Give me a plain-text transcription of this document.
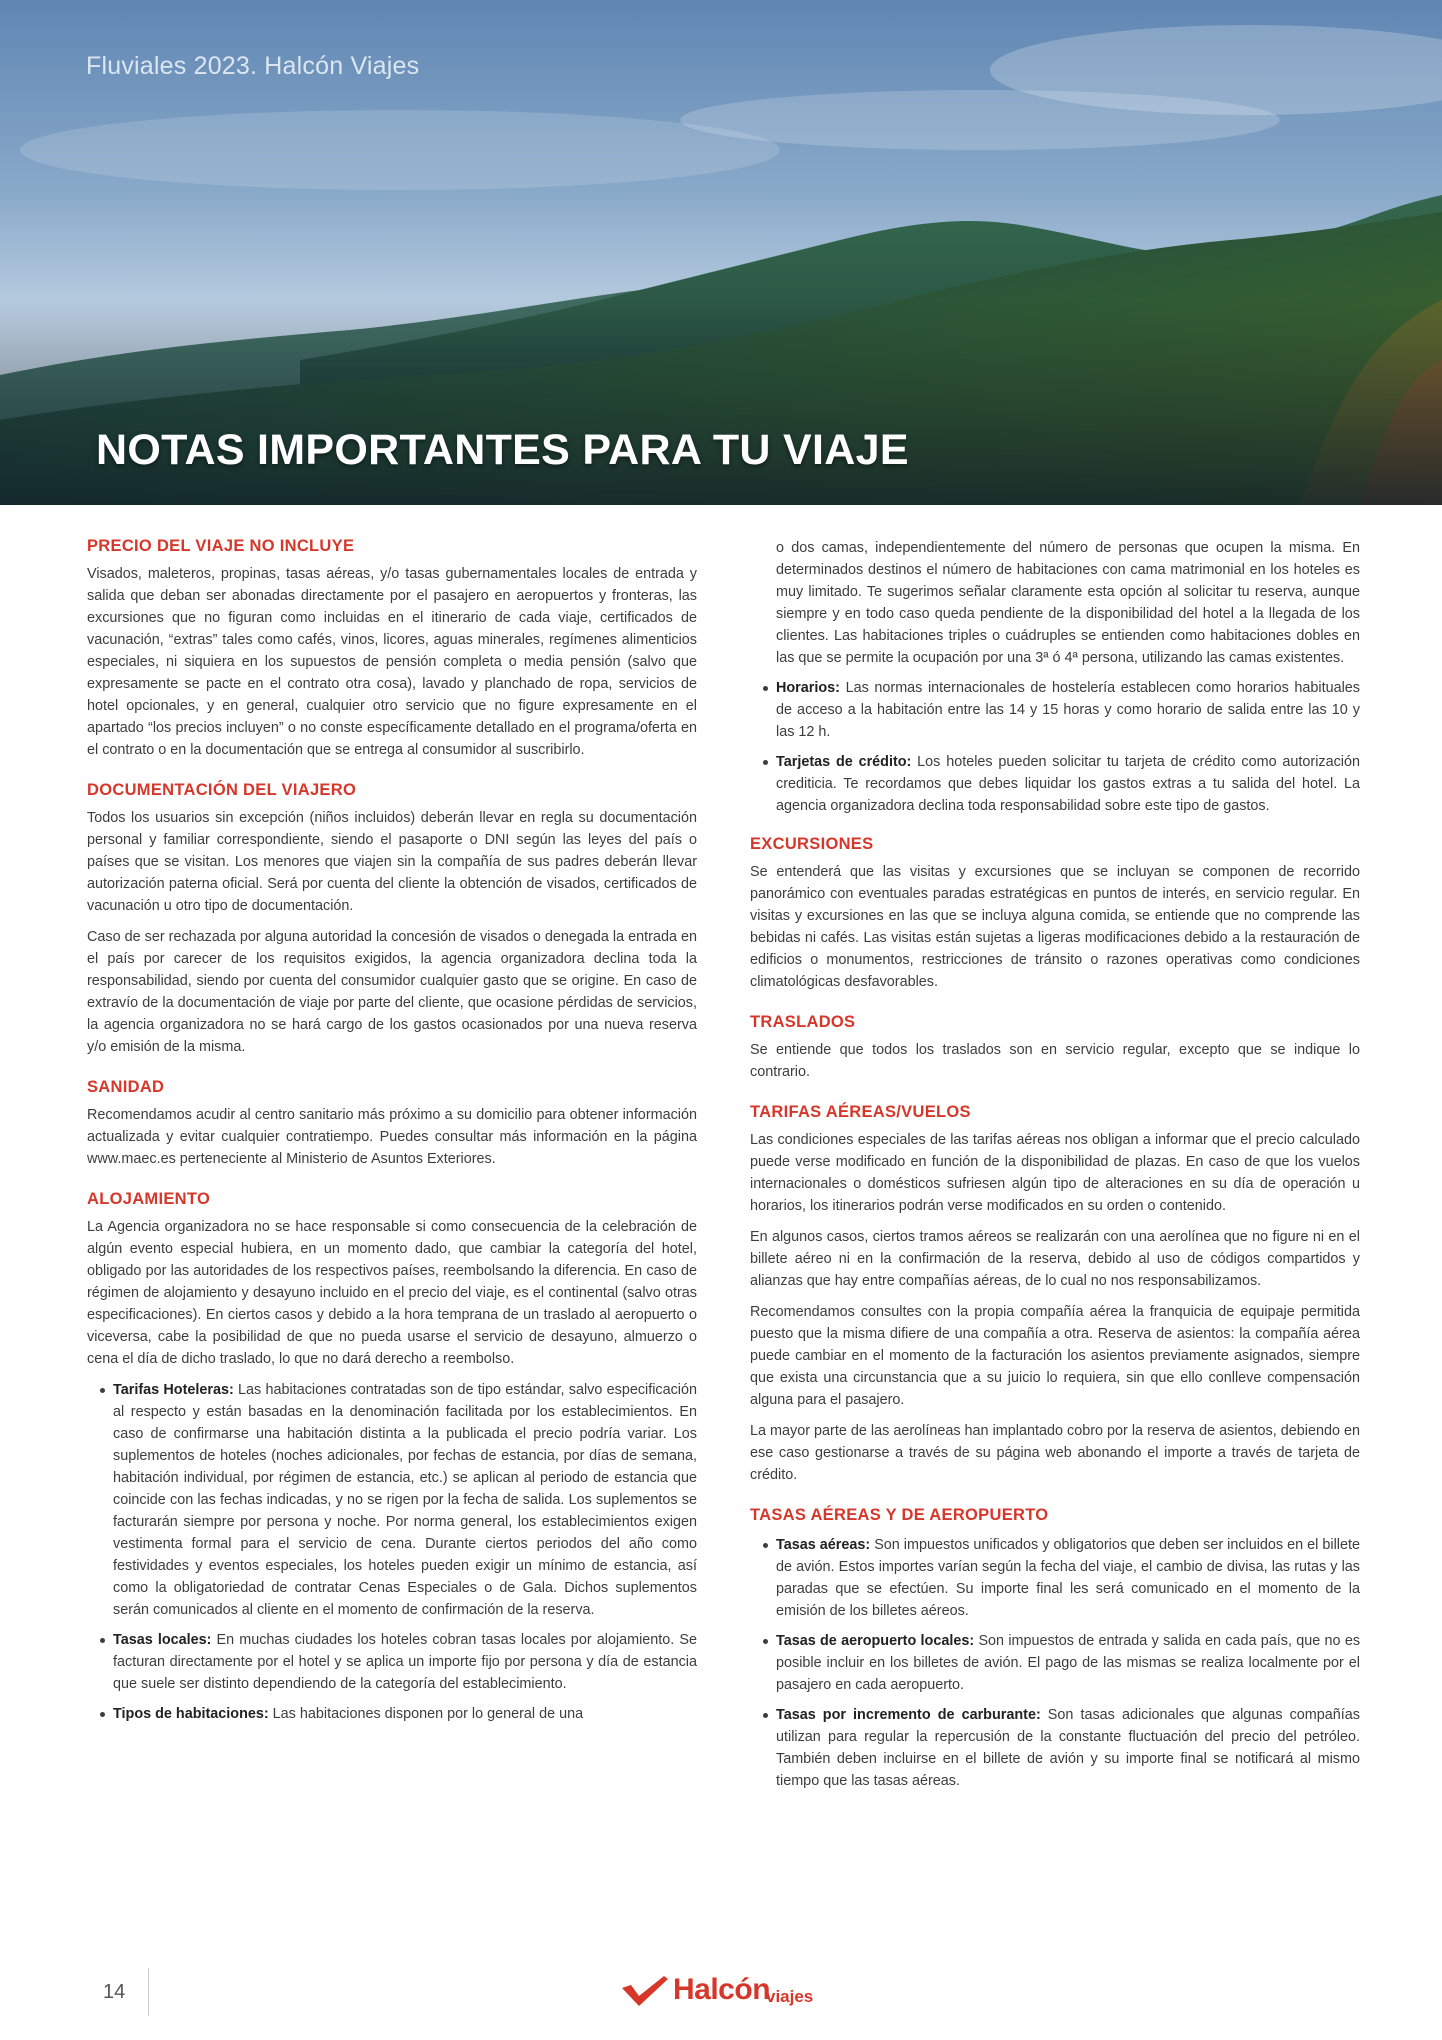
Fluviales 2023. Halcón Viajes
NOTAS IMPORTANTES PARA TU VIAJE
PRECIO DEL VIAJE NO INCLUYE

Visados, maleteros, propinas, tasas aéreas, y/o tasas gubernamentales locales de entrada y salida que deban ser abonadas directamente por el pasajero en aeropuertos y fronteras, las excursiones que no figuran como incluidas en el itinerario de cada viaje, certificados de vacunación, “extras” tales como cafés, vinos, licores, aguas minerales, regímenes alimenticios especiales, ni siquiera en los supuestos de pensión completa o media pensión (salvo que expresamente se pacte en el contrato otra cosa), lavado y planchado de ropa, servicios de hotel opcionales, y en general, cualquier otro servicio que no figure expresamente en el apartado “los precios incluyen” o no conste específicamente detallado en el programa/oferta en el contrato o en la documentación que se entrega al consumidor al suscribirlo.

DOCUMENTACIÓN DEL VIAJERO

Todos los usuarios sin excepción (niños incluidos) deberán llevar en regla su documentación personal y familiar correspondiente, siendo el pasaporte o DNI según las leyes del país o países que se visitan. Los menores que viajen sin la compañía de sus padres deberán llevar autorización paterna oficial. Será por cuenta del cliente la obtención de visados, certificados de vacunación u otro tipo de documentación.

Caso de ser rechazada por alguna autoridad la concesión de visados o denegada la entrada en el país por carecer de los requisitos exigidos, la agencia organizadora declina toda la responsabilidad, siendo por cuenta del consumidor cualquier gasto que se origine. En caso de extravío de la documentación de viaje por parte del cliente, que ocasione pérdidas de servicios, la agencia organizadora no se hará cargo de los gastos ocasionados por una nueva reserva y/o emisión de la misma.

SANIDAD

Recomendamos acudir al centro sanitario más próximo a su domicilio para obtener información actualizada y evitar cualquier contratiempo. Puedes consultar más información en la página www.maec.es perteneciente al Ministerio de Asuntos Exteriores.

ALOJAMIENTO

La Agencia organizadora no se hace responsable si como consecuencia de la celebración de algún evento especial hubiera, en un momento dado, que cambiar la categoría del hotel, obligado por las autoridades de los respectivos países, reembolsando la diferencia. En caso de régimen de alojamiento y desayuno incluido en el precio del viaje, es el continental (salvo otras especificaciones). En ciertos casos y debido a la hora temprana de un traslado al aeropuerto o viceversa, cabe la posibilidad de que no pueda usarse el servicio de desayuno, almuerzo o cena el día de dicho traslado, lo que no dará derecho a reembolso.

Tarifas Hoteleras: Las habitaciones contratadas son de tipo estándar, salvo especificación al respecto y están basadas en la denominación facilitada por los establecimientos. En caso de confirmarse una habitación distinta a la publicada el precio podría variar. Los suplementos de hoteles (noches adicionales, por fechas de estancia, por días de semana, habitación individual, por régimen de estancia, etc.) se aplican al periodo de estancia que coincide con las fechas indicadas, y no se rigen por la fecha de salida. Los suplementos se facturarán siempre por persona y noche. Por norma general, los establecimientos exigen vestimenta formal para el servicio de cena. Durante ciertos periodos del año como festividades y eventos especiales, los hoteles pueden exigir un mínimo de estancia, así como la obligatoriedad de contratar Cenas Especiales o de Gala. Dichos suplementos serán comunicados al cliente en el momento de confirmación de la reserva.
Tasas locales: En muchas ciudades los hoteles cobran tasas locales por alojamiento. Se facturan directamente por el hotel y se aplica un importe fijo por persona y día de estancia que suele ser distinto dependiendo de la categoría del establecimiento.
Tipos de habitaciones: Las habitaciones disponen por lo general de una
o dos camas, independientemente del número de personas que ocupen la misma. En determinados destinos el número de habitaciones con cama matrimonial en los hoteles es muy limitado. Te sugerimos señalar claramente esta opción al solicitar tu reserva, aunque siempre y en todo caso queda pendiente de la disponibilidad del hotel a la llegada de los clientes. Las habitaciones triples o cuádruples se entienden como habitaciones dobles en las que se permite la ocupación por una 3ª ó 4ª persona, utilizando las camas existentes.
Horarios: Las normas internacionales de hostelería establecen como horarios habituales de acceso a la habitación entre las 14 y 15 horas y como horario de salida entre las 10 y las 12 h.
Tarjetas de crédito: Los hoteles pueden solicitar tu tarjeta de crédito como autorización crediticia. Te recordamos que debes liquidar los gastos extras a tu salida del hotel. La agencia organizadora declina toda responsabilidad sobre este tipo de gastos.
EXCURSIONES

Se entenderá que las visitas y excursiones que se incluyan se componen de recorrido panorámico con eventuales paradas estratégicas en puntos de interés, en servicio regular. En visitas y excursiones en las que se incluya alguna comida, se entiende que no comprende las bebidas ni cafés. Las visitas están sujetas a ligeras modificaciones debido a la restauración de edificios o monumentos, restricciones de tránsito o razones operativas como condiciones climatológicas desfavorables.

TRASLADOS

Se entiende que todos los traslados son en servicio regular, excepto que se indique lo contrario.

TARIFAS AÉREAS/VUELOS

Las condiciones especiales de las tarifas aéreas nos obligan a informar que el precio calculado puede verse modificado en función de la disponibilidad de plazas. En caso de que los vuelos internacionales o domésticos sufriesen algún tipo de alteraciones en su día de operación u horarios, los itinerarios podrán verse modificados en su orden o contenido.

En algunos casos, ciertos tramos aéreos se realizarán con una aerolínea que no figure ni en el billete aéreo ni en la confirmación de la reserva, debido al uso de códigos compartidos y alianzas que hay entre compañías aéreas, de lo cual no nos responsabilizamos.

Recomendamos consultes con la propia compañía aérea la franquicia de equipaje permitida puesto que la misma difiere de una compañía a otra. Reserva de asientos: la compañía aérea puede cambiar en el momento de la facturación los asientos previamente asignados, siempre que exista una circunstancia que a su juicio lo requiera, sin que ello conlleve compensación alguna para el pasajero.

La mayor parte de las aerolíneas han implantado cobro por la reserva de asientos, debiendo en ese caso gestionarse a través de su página web abonando el importe a través de tarjeta de crédito.

TASAS AÉREAS Y DE AEROPUERTO
Tasas aéreas: Son impuestos unificados y obligatorios que deben ser incluidos en el billete de avión. Estos importes varían según la fecha del viaje, el cambio de divisa, las rutas y las paradas que se efectúen. Su importe final les será comunicado en el momento de la emisión de los billetes aéreos.
Tasas de aeropuerto locales: Son impuestos de entrada y salida en cada país, que no es posible incluir en los billetes de avión. El pago de las mismas se realiza localmente por el pasajero en cada aeropuerto.
Tasas por incremento de carburante: Son tasas adicionales que algunas compañías utilizan para regular la repercusión de la constante fluctuación del precio del petróleo. También deben incluirse en el billete de avión y su importe final se notificará al mismo tiempo que las tasas aéreas.
14	Halcón
viajes
